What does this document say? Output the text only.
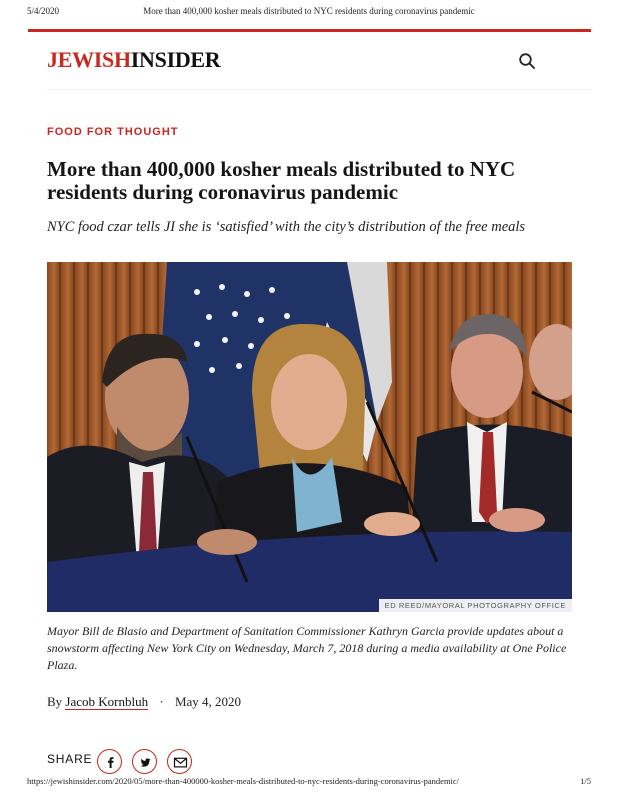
5/4/2020	More than 400,000 kosher meals distributed to NYC residents during coronavirus pandemic
JEWISHINSIDER
FOOD FOR THOUGHT
More than 400,000 kosher meals distributed to NYC residents during coronavirus pandemic
NYC food czar tells JI she is ‘satisfied’ with the city’s distribution of the free meals
ED REED/MAYORAL PHOTOGRAPHY OFFICE
Mayor Bill de Blasio and Department of Sanitation Commissioner Kathryn Garcia provide updates about a snowstorm affecting New York City on Wednesday, March 7, 2018 during a media availability at One Police Plaza.
By Jacob Kornbluh · May 4, 2020
SHARE
https://jewishinsider.com/2020/05/more-than-400000-kosher-meals-distributed-to-nyc-residents-during-coronavirus-pandemic/	1/5
